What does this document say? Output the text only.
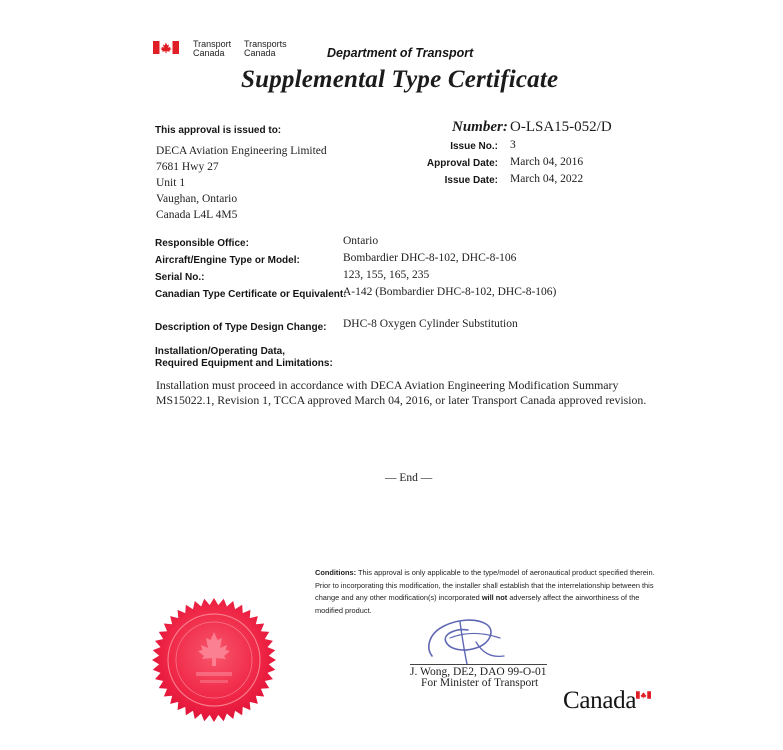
Transport
Canada
Transports
Canada	Department of Transport
Supplemental Type Certificate
This approval is issued to:
DECA Aviation Engineering Limited
7681 Hwy 27
Unit 1
Vaughan, Ontario
Canada L4L 4M5
Number: O-LSA15-052/D
Issue No.: 3
Approval Date: March 04, 2016
Issue Date: March 04, 2022
Responsible Office:	Ontario
Aircraft/Engine Type or Model:	Bombardier DHC-8-102, DHC-8-106
Serial No.:	123, 155, 165, 235
Canadian Type Certificate or Equivalent:
A-142 (Bombardier DHC-8-102, DHC-8-106)
Description of Type Design Change: DHC-8 Oxygen Cylinder Substitution
Installation/Operating Data,
Required Equipment and Limitations:
Installation must proceed in accordance with DECA Aviation Engineering Modification Summary
MS15022.1, Revision 1, TCCA approved March 04, 2016, or later Transport Canada approved revision.
— End —
Conditions: This approval is only applicable to the type/model of aeronautical product specified therein.
Prior to incorporating this modification, the installer shall establish that the interrelationship between this
change and any other modification(s) incorporated will not adversely affect the airworthiness of the
modified product.
J. Wong, DE2, DAO 99-O-01
For Minister of Transport
Canada
